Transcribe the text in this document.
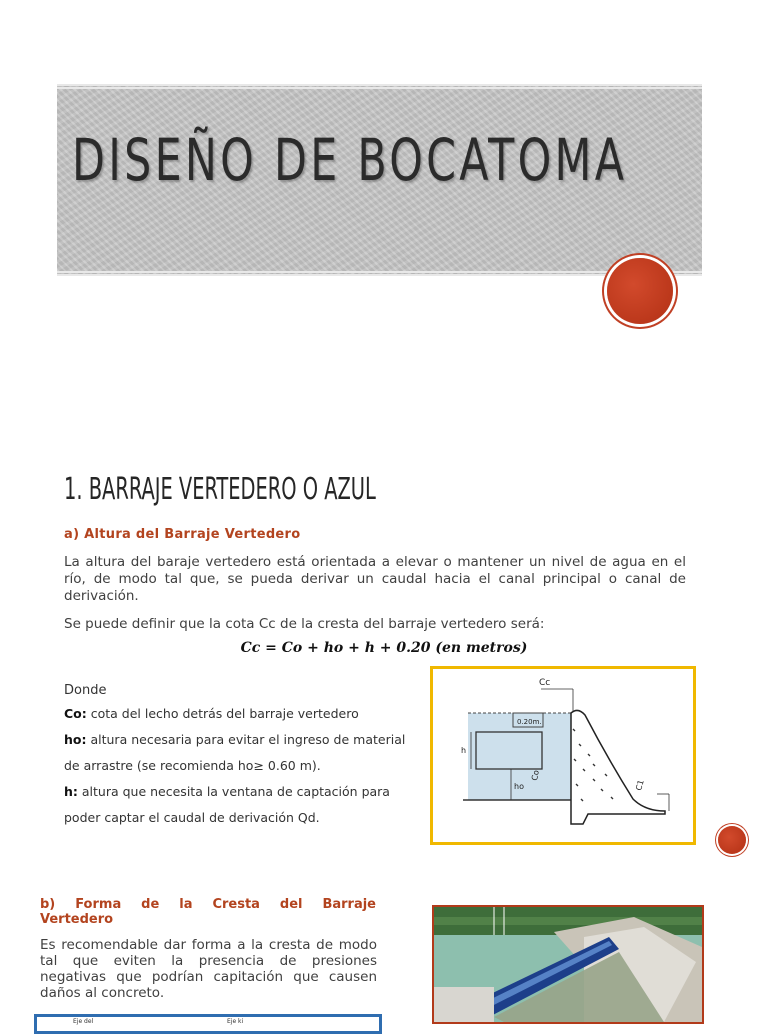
DISEÑO DE BOCATOMA
1. BARRAJE VERTEDERO O AZUL
a) Altura del Barraje Vertedero
La altura del baraje vertedero está orientada a elevar o mantener un nivel de agua en el río, de modo tal que, se pueda derivar un caudal hacia el canal principal o canal de derivación.
Se puede definir que la cota Cc de la cresta del barraje vertedero será:
Cc = Co + ho + h + 0.20 (en metros)
Donde
Co: cota del lecho detrás del barraje vertedero
ho: altura necesaria para evitar el ingreso de material de arrastre (se recomienda ho≥ 0.60 m).
h: altura que necesita la ventana de captación para poder captar el caudal de derivación Qd.
0.20m.
h
ho
Co
Cc
C1
b) Forma de la Cresta del Barraje
Vertedero
Es recomendable dar forma a la cresta de modo tal que eviten la presencia de presiones negativas que podrían capitación que causen daños al concreto.
Eje del	Eje ki
